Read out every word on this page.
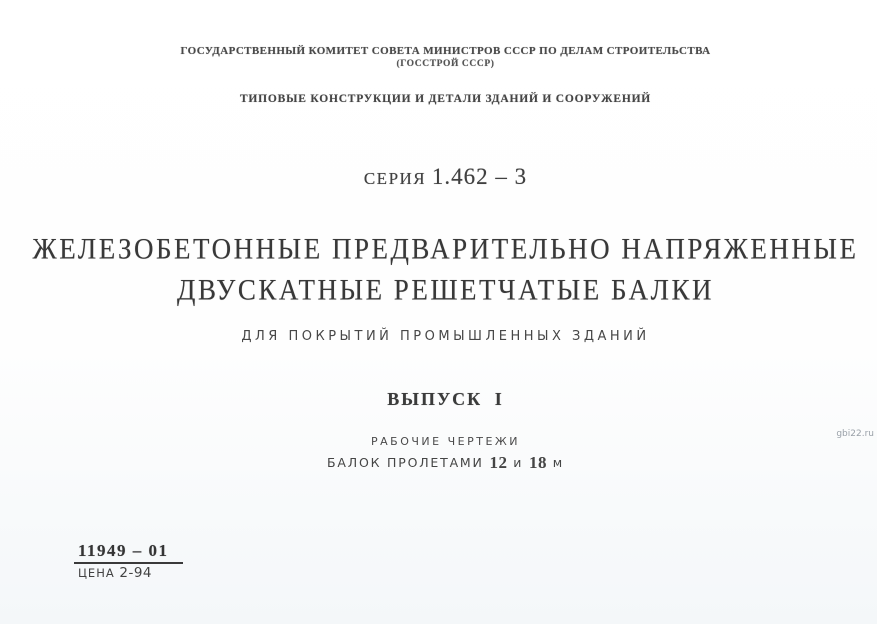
ГОСУДАРСТВЕННЫЙ КОМИТЕТ СОВЕТА МИНИСТРОВ СССР ПО ДЕЛАМ СТРОИТЕЛЬСТВА
(ГОССТРОЙ СССР)
ТИПОВЫЕ КОНСТРУКЦИИ И ДЕТАЛИ ЗДАНИЙ И СООРУЖЕНИЙ
СЕРИЯ 1.462 – 3
ЖЕЛЕЗОБЕТОННЫЕ ПРЕДВАРИТЕЛЬНО НАПРЯЖЕННЫЕ
ДВУСКАТНЫЕ РЕШЕТЧАТЫЕ БАЛКИ
ДЛЯ ПОКРЫТИЙ ПРОМЫШЛЕННЫХ ЗДАНИЙ
ВЫПУСК I
РАБОЧИЕ ЧЕРТЕЖИ
БАЛОК ПРОЛЕТАМИ 12 и 18 м
gbi22.ru
11949 – 01
ЦЕНА 2-94
